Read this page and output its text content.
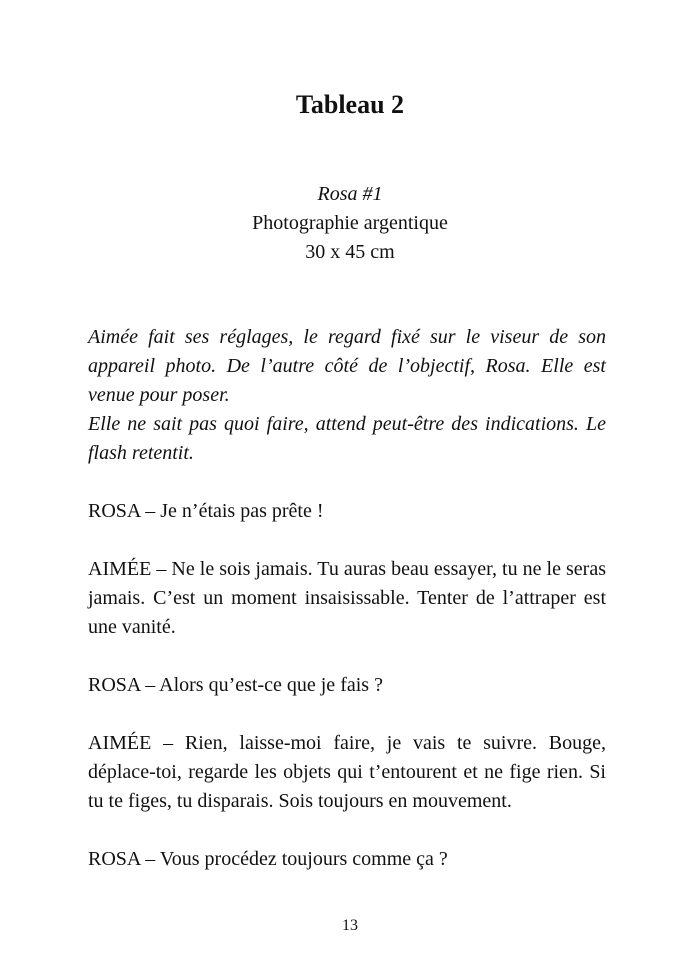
Tableau 2
Rosa #1
Photographie argentique
30 x 45 cm

Aimée fait ses réglages, le regard fixé sur le viseur de son appareil photo. De l’autre côté de l’objectif, Rosa. Elle est venue pour poser.

Elle ne sait pas quoi faire, attend peut-être des indications. Le flash retentit.

ROSA – Je n’étais pas prête !

AIMÉE – Ne le sois jamais. Tu auras beau essayer, tu ne le seras jamais. C’est un moment insaisissable. Tenter de l’attraper est une vanité.

ROSA – Alors qu’est-ce que je fais ?

AIMÉE – Rien, laisse-moi faire, je vais te suivre. Bouge, déplace-toi, regarde les objets qui t’entourent et ne fige rien. Si tu te figes, tu disparais. Sois toujours en mouvement.

ROSA – Vous procédez toujours comme ça ?

13
